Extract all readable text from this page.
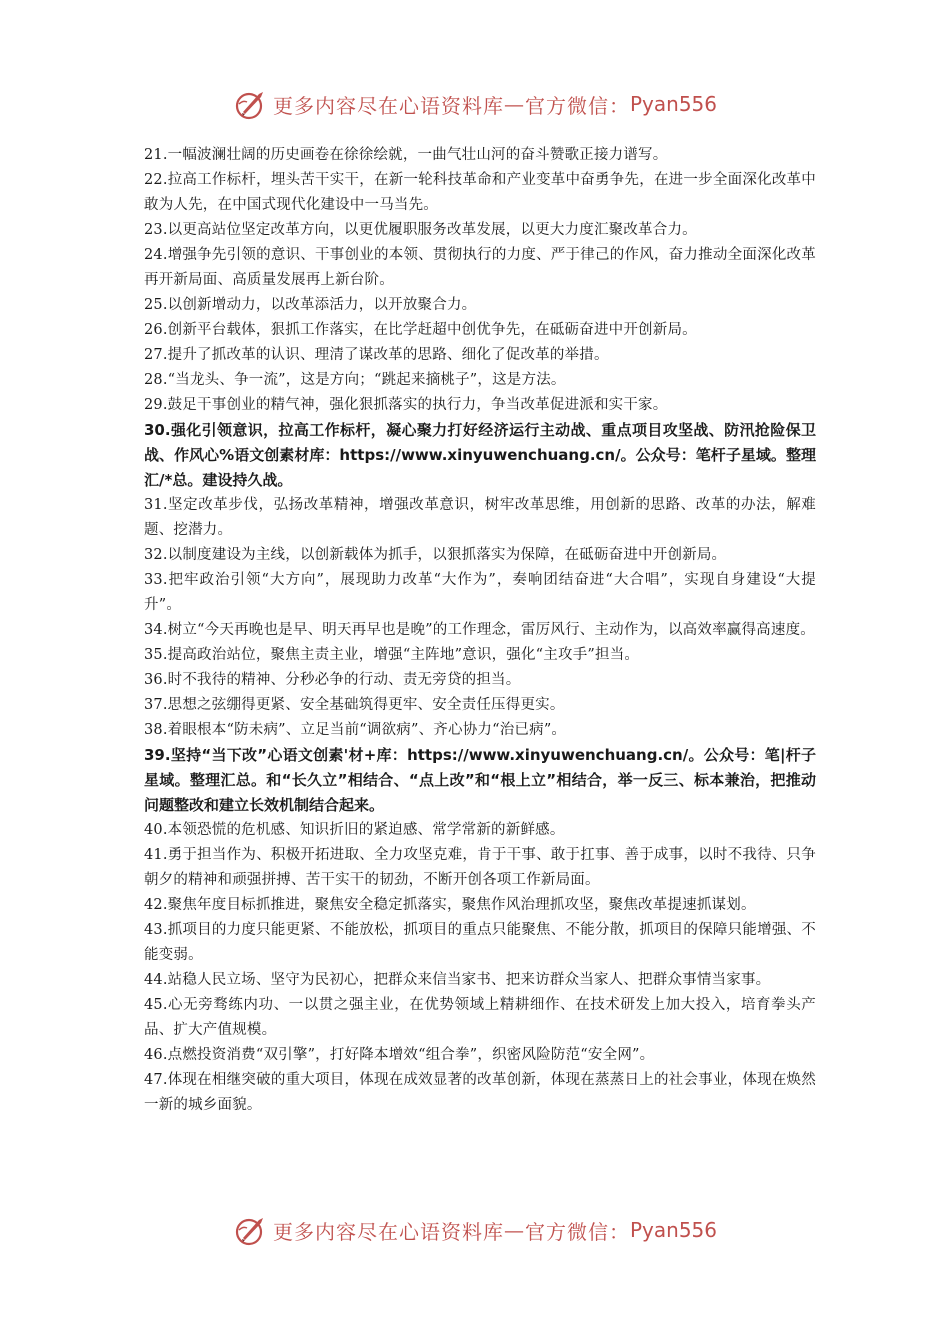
更多内容尽在心语资料库 — 官方微信： Pyan556

21.一幅波澜壮阔的历史画卷在徐徐绘就，一曲气壮山河的奋斗赞歌正接力谱写。

22.拉高工作标杆，埋头苦干实干，在新一轮科技革命和产业变革中奋勇争先，在进一步全面深化改革中敢为人先，在中国式现代化建设中一马当先。

23.以更高站位坚定改革方向，以更优履职服务改革发展，以更大力度汇聚改革合力。

24.增强争先引领的意识、干事创业的本领、贯彻执行的力度、严于律己的作风，奋力推动全面深化改革再开新局面、高质量发展再上新台阶。

25.以创新增动力，以改革添活力，以开放聚合力。

26.创新平台载体，狠抓工作落实，在比学赶超中创优争先，在砥砺奋进中开创新局。

27.提升了抓改革的认识、理清了谋改革的思路、细化了促改革的举措。

28.“当龙头、争一流”，这是方向；“跳起来摘桃子”，这是方法。

29.鼓足干事创业的精气神，强化狠抓落实的执行力，争当改革促进派和实干家。

30.强化引领意识，拉高工作标杆，凝心聚力打好经济运行主动战、重点项目攻坚战、防汛抢险保卫战、作风心%语文创素材库：https://www.xinyuwenchuang.cn/。公众号：笔杆子星域。整理汇/*总。建设持久战。

31.坚定改革步伐，弘扬改革精神，增强改革意识，树牢改革思维，用创新的思路、改革的办法，解难题、挖潜力。

32.以制度建设为主线，以创新载体为抓手，以狠抓落实为保障，在砥砺奋进中开创新局。

33.把牢政治引领“大方向”，展现助力改革“大作为”，奏响团结奋进“大合唱”，实现自身建设“大提升”。

34.树立“今天再晚也是早、明天再早也是晚”的工作理念，雷厉风行、主动作为，以高效率赢得高速度。

35.提高政治站位，聚焦主责主业，增强“主阵地”意识，强化“主攻手”担当。

36.时不我待的精神、分秒必争的行动、责无旁贷的担当。

37.思想之弦绷得更紧、安全基础筑得更牢、安全责任压得更实。

38.着眼根本“防未病”、立足当前“调欲病”、齐心协力“治已病”。

39.坚持“当下改”心语文创素'材+库：https://www.xinyuwenchuang.cn/。公众号：笔|杆子星域。整理汇总。和“长久立”相结合、“点上改”和“根上立”相结合，举一反三、标本兼治，把推动问题整改和建立长效机制结合起来。

40.本领恐慌的危机感、知识折旧的紧迫感、常学常新的新鲜感。

41.勇于担当作为、积极开拓进取、全力攻坚克难，肯于干事、敢于扛事、善于成事，以时不我待、只争朝夕的精神和顽强拼搏、苦干实干的韧劲，不断开创各项工作新局面。

42.聚焦年度目标抓推进，聚焦安全稳定抓落实，聚焦作风治理抓攻坚，聚焦改革提速抓谋划。

43.抓项目的力度只能更紧、不能放松，抓项目的重点只能聚焦、不能分散，抓项目的保障只能增强、不能变弱。

44.站稳人民立场、坚守为民初心，把群众来信当家书、把来访群众当家人、把群众事情当家事。

45.心无旁骛练内功、一以贯之强主业，在优势领域上精耕细作、在技术研发上加大投入，培育拳头产品、扩大产值规模。

46.点燃投资消费“双引擎”，打好降本增效“组合拳”，织密风险防范“安全网”。

47.体现在相继突破的重大项目，体现在成效显著的改革创新，体现在蒸蒸日上的社会事业，体现在焕然一新的城乡面貌。

更多内容尽在心语资料库 — 官方微信： Pyan556
